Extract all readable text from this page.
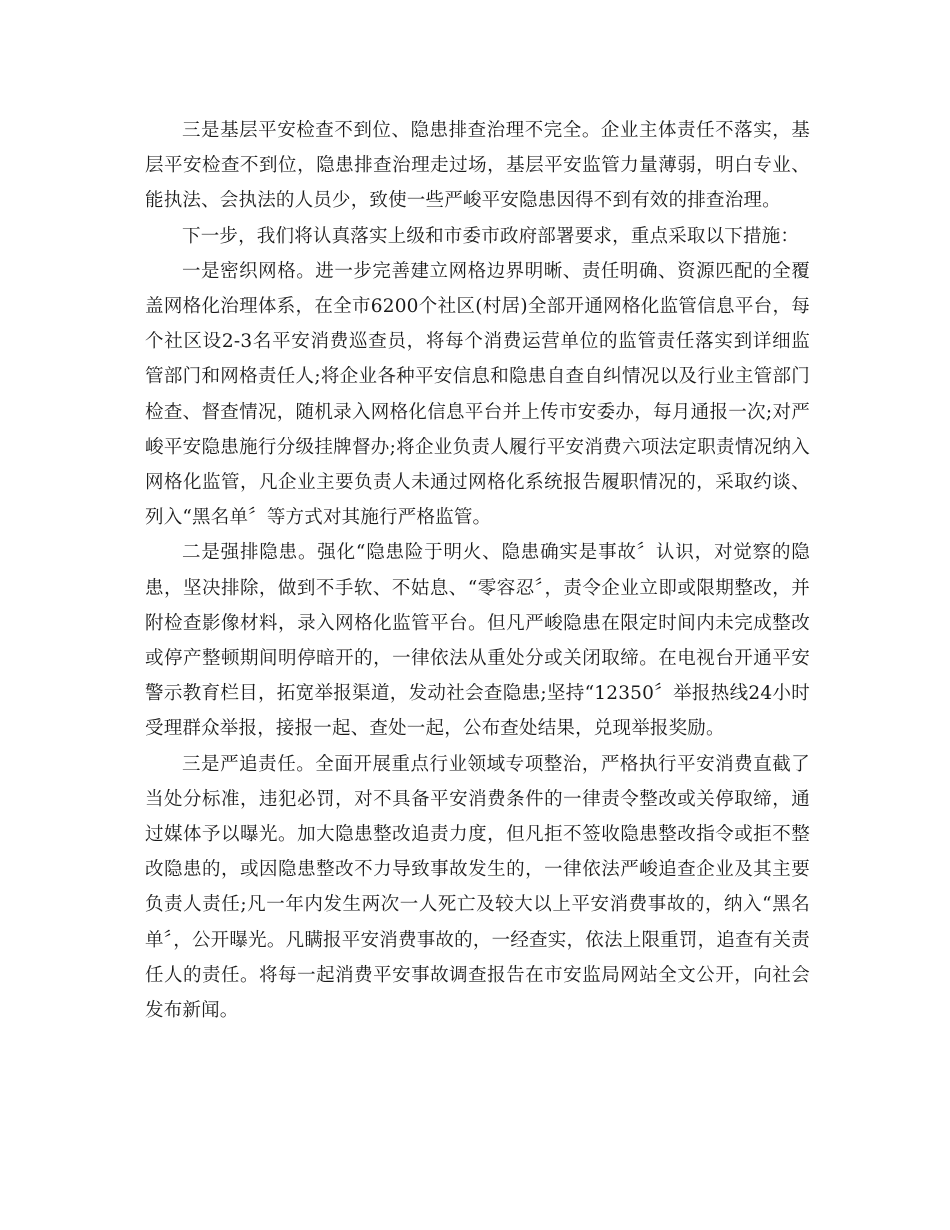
三是基层平安检查不到位、隐患排查治理不完全。企业主体责任不落实，基层平安检查不到位，隐患排查治理走过场，基层平安监管力量薄弱，明白专业、能执法、会执法的人员少，致使一些严峻平安隐患因得不到有效的排查治理。

下一步，我们将认真落实上级和市委市政府部署要求，重点采取以下措施：

一是密织网格。进一步完善建立网格边界明晰、责任明确、资源匹配的全覆盖网格化治理体系，在全市6200个社区(村居)全部开通网格化监管信息平台，每个社区设2-3名平安消费巡查员，将每个消费运营单位的监管责任落实到详细监管部门和网格责任人;将企业各种平安信息和隐患自查自纠情况以及行业主管部门检查、督查情况，随机录入网格化信息平台并上传市安委办，每月通报一次;对严峻平安隐患施行分级挂牌督办;将企业负责人履行平安消费六项法定职责情况纳入网格化监管，凡企业主要负责人未通过网格化系统报告履职情况的，采取约谈、列入“黑名单〞等方式对其施行严格监管。

二是强排隐患。强化“隐患险于明火、隐患确实是事故〞认识，对觉察的隐患，坚决排除，做到不手软、不姑息、“零容忍〞，责令企业立即或限期整改，并附检查影像材料，录入网格化监管平台。但凡严峻隐患在限定时间内未完成整改或停产整顿期间明停暗开的，一律依法从重处分或关闭取缔。在电视台开通平安警示教育栏目，拓宽举报渠道，发动社会查隐患;坚持“12350〞举报热线24小时受理群众举报，接报一起、查处一起，公布查处结果，兑现举报奖励。

三是严追责任。全面开展重点行业领域专项整治，严格执行平安消费直截了当处分标准，违犯必罚，对不具备平安消费条件的一律责令整改或关停取缔，通过媒体予以曝光。加大隐患整改追责力度，但凡拒不签收隐患整改指令或拒不整改隐患的，或因隐患整改不力导致事故发生的，一律依法严峻追查企业及其主要负责人责任;凡一年内发生两次一人死亡及较大以上平安消费事故的，纳入“黑名单〞，公开曝光。凡瞒报平安消费事故的，一经查实，依法上限重罚，追查有关责任人的责任。将每一起消费平安事故调查报告在市安监局网站全文公开，向社会发布新闻。
